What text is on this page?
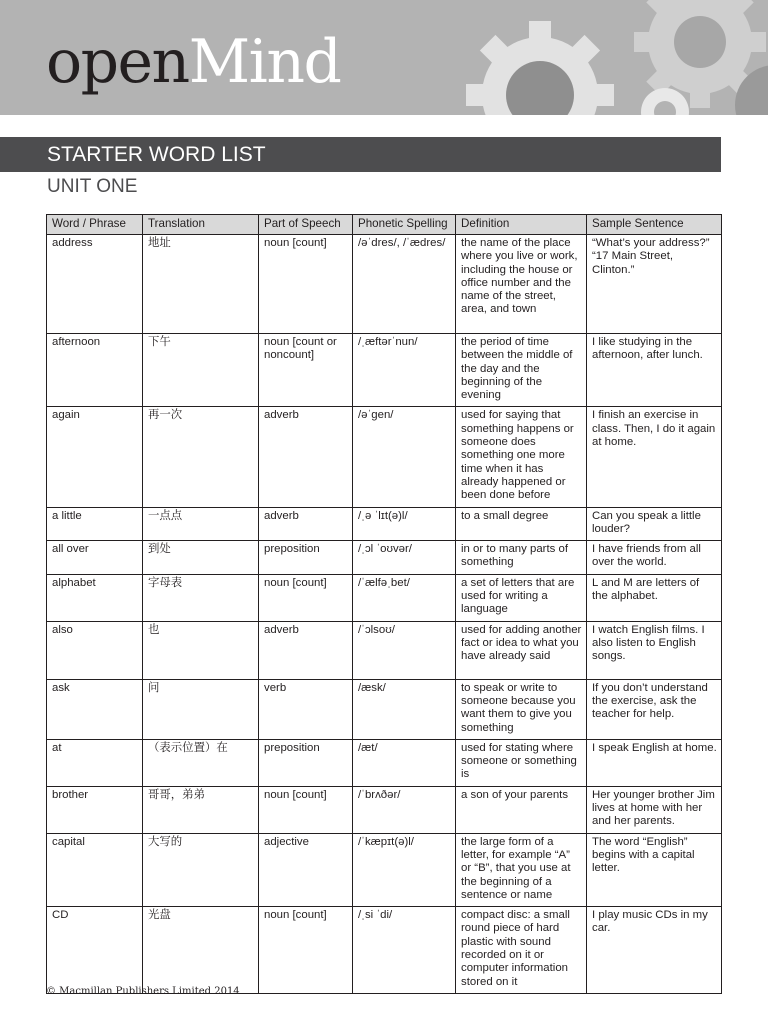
openMind
STARTER WORD LIST
UNIT ONE
Word / Phrase	Translation	Part of Speech	Phonetic Spelling	Definition	Sample Sentence
address	地址	noun [count]	/əˈdres/, /ˈædres/	the name of the place where you live or work, including the house or office number and the name of the street, area, and town	“What’s your address?” “17 Main Street, Clinton.”
afternoon	下午	noun [count or noncount]	/ˌæftərˈnun/	the period of time between the middle of the day and the beginning of the evening	I like studying in the afternoon, after lunch.
again	再一次	adverb	/əˈgen/	used for saying that something happens or someone does something one more time when it has already happened or been done before	I finish an exercise in class. Then, I do it again at home.
a little	一点点	adverb	/ˌə ˈlɪt(ə)l/	to a small degree	Can you speak a little louder?
all over	到处	preposition	/ˌɔl ˈoʊvər/	in or to many parts of something	I have friends from all over the world.
alphabet	字母表	noun [count]	/ˈælfəˌbet/	a set of letters that are used for writing a language	L and M are letters of the alphabet.
also	也	adverb	/ˈɔlsoʊ/	used for adding another fact or idea to what you have already said	I watch English films. I also listen to English songs.
ask	问	verb	/æsk/	to speak or write to someone because you want them to give you something	If you don’t understand the exercise, ask the teacher for help.
at	（表示位置）在	preposition	/æt/	used for stating where someone or something is	I speak English at home.
brother	哥哥，弟弟	noun [count]	/ˈbrʌðər/	a son of your parents	Her younger brother Jim lives at home with her and her parents.
capital	大写的	adjective	/ˈkæpɪt(ə)l/	the large form of a letter, for example “A” or “B”, that you use at the beginning of a sentence or name	The word “English” begins with a capital letter.
CD	光盘	noun [count]	/ˌsi ˈdi/	compact disc: a small round piece of hard plastic with sound recorded on it or computer information stored on it	I play music CDs in my car.
© Macmillan Publishers Limited 2014
